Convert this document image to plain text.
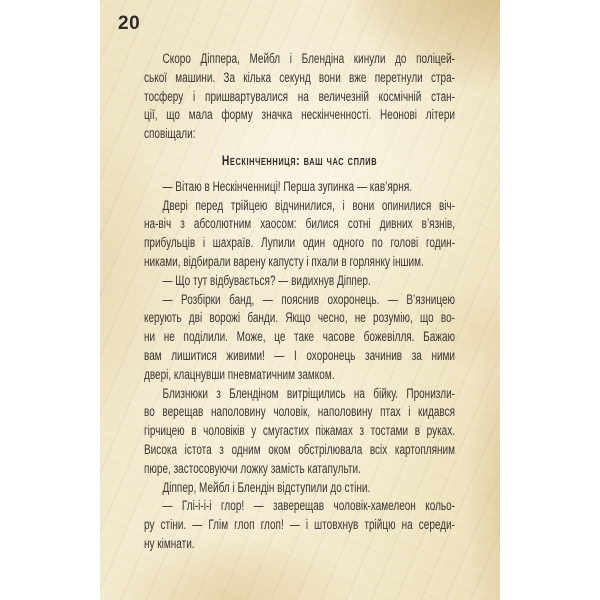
20
Скоро Діппера, Мейбл і Блендіна кинули до поліцей-
ської машини. За кілька секунд вони вже перетнули стра-
тосферу і пришвартувалися на величезній космічній стан-
ції, що мала форму значка нескінченності. Неонові літери
сповіщали:
Нескінченниця: ваш час сплив
— Вітаю в Нескінченниці! Перша зупинка — кав’ярня.
Двері перед трійцею відчинилися, і вони опинилися віч-
на-віч з абсолютним хаосом: билися сотні дивних в’язнів,
прибульців і шахраїв. Лупили один одного по голові годин-
никами, відбирали варену капусту і пхали в горлянку іншим.
— Що тут відбувається? — видихнув Діппер.
— Розбірки банд, — пояснив охоронець. — В’язницею
керують дві ворожі банди. Якщо чесно, не розумію, що во-
ни не поділили. Може, це таке часове божевілля. Бажаю
вам лишитися живими! — І охоронець зачинив за ними
двері, клацнувши пневматичним замком.
Близнюки з Блендіном витріщились на бійку. Пронизли-
во верещав наполовину чоловік, наполовину птах і кидався
гірчицею в чоловіків у смугастих піжамах з тостами в руках.
Висока істота з одним оком обстрілювала всіх картопляним
пюре, застосовуючи ложку замість катапульти.
Діппер, Мейбл і Блендін відступили до стіни.
— Глі-і-і-і глор! — заверещав чоловік-хамелеон кольо-
ру стіни. — Глім глоп глоп! — і штовхнув трійцю на середи-
ну кімнати.
